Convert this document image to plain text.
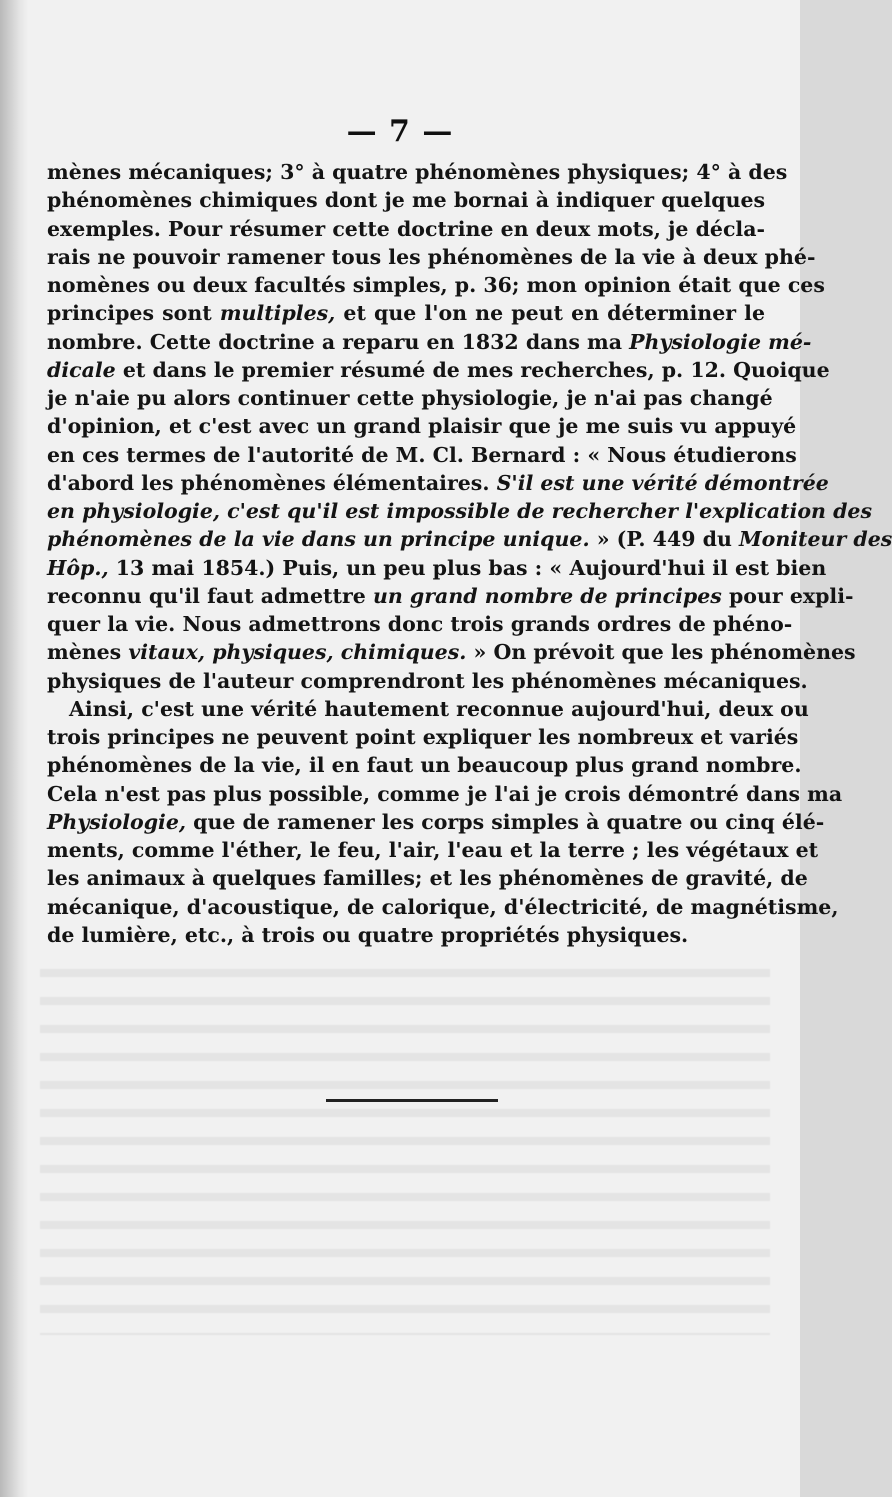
— 7 —
mènes mécaniques; 3° à quatre phénomènes physiques; 4° à des
phénomènes chimiques dont je me bornai à indiquer quelques
exemples. Pour résumer cette doctrine en deux mots, je décla-
rais ne pouvoir ramener tous les phénomènes de la vie à deux phé-
nomènes ou deux facultés simples, p. 36; mon opinion était que ces
principes sont multiples, et que l'on ne peut en déterminer le
nombre. Cette doctrine a reparu en 1832 dans ma Physiologie mé-
dicale et dans le premier résumé de mes recherches, p. 12. Quoique
je n'aie pu alors continuer cette physiologie, je n'ai pas changé
d'opinion, et c'est avec un grand plaisir que je me suis vu appuyé
en ces termes de l'autorité de M. Cl. Bernard : « Nous étudierons
d'abord les phénomènes élémentaires. S'il est une vérité démontrée
en physiologie, c'est qu'il est impossible de rechercher l'explication des
phénomènes de la vie dans un principe unique. » (P. 449 du Moniteur des
Hôp., 13 mai 1854.) Puis, un peu plus bas : « Aujourd'hui il est bien
reconnu qu'il faut admettre un grand nombre de principes pour expli-
quer la vie. Nous admettrons donc trois grands ordres de phéno-
mènes vitaux, physiques, chimiques. » On prévoit que les phénomènes
physiques de l'auteur comprendront les phénomènes mécaniques.
Ainsi, c'est une vérité hautement reconnue aujourd'hui, deux ou
trois principes ne peuvent point expliquer les nombreux et variés
phénomènes de la vie, il en faut un beaucoup plus grand nombre.
Cela n'est pas plus possible, comme je l'ai je crois démontré dans ma
Physiologie, que de ramener les corps simples à quatre ou cinq élé-
ments, comme l'éther, le feu, l'air, l'eau et la terre ; les végétaux et
les animaux à quelques familles; et les phénomènes de gravité, de
mécanique, d'acoustique, de calorique, d'électricité, de magnétisme,
de lumière, etc., à trois ou quatre propriétés physiques.
